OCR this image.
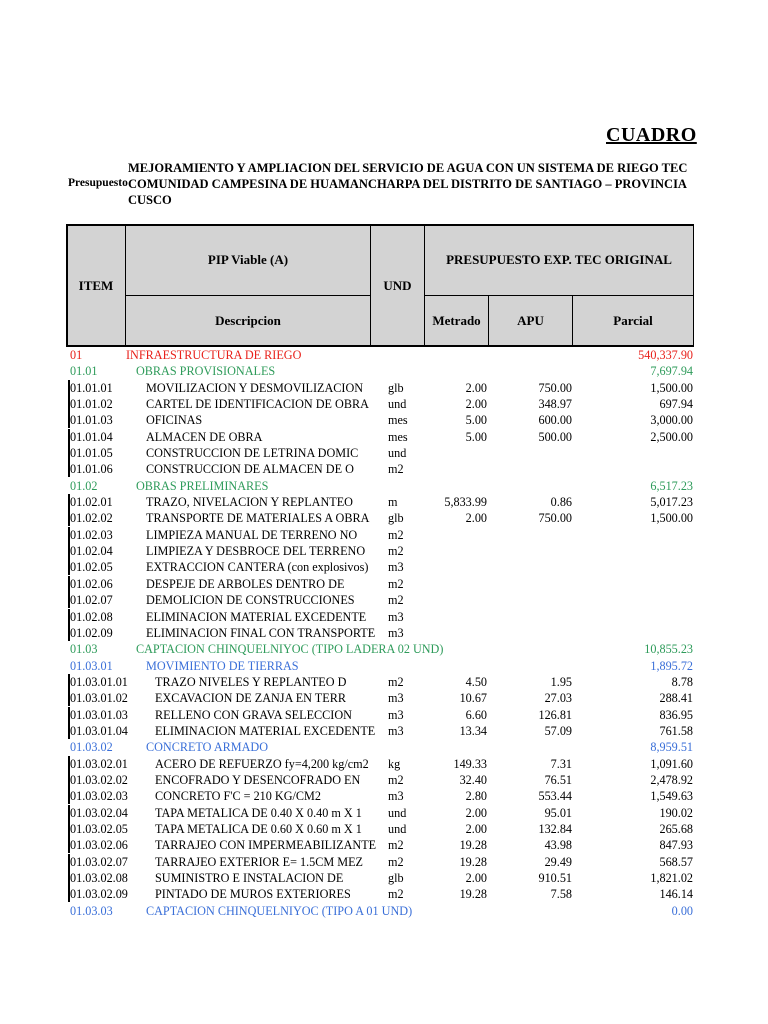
CUADRO
Presupuesto
MEJORAMIENTO Y AMPLIACION DEL SERVICIO DE AGUA CON UN SISTEMA DE RIEGO TEC
COMUNIDAD CAMPESINA DE HUAMANCHARPA DEL DISTRITO DE SANTIAGO – PROVINCIA
CUSCO
ITEM
PIP Viable (A)
Descripcion
UND
PRESUPUESTO EXP. TEC ORIGINAL
Metrado	APU	Parcial
01	INFRAESTRUCTURA DE RIEGO	540,337.90
01.01	OBRAS PROVISIONALES	7,697.94
01.01.01	MOVILIZACION Y DESMOVILIZACION	glb	2.00	750.00	1,500.00
01.01.02	CARTEL DE IDENTIFICACION DE OBRA	und	2.00	348.97	697.94
01.01.03	OFICINAS	mes	5.00	600.00	3,000.00
01.01.04	ALMACEN DE OBRA	mes	5.00	500.00	2,500.00
01.01.05	CONSTRUCCION DE LETRINA DOMIC	und
01.01.06	CONSTRUCCION DE ALMACEN DE O	m2
01.02	OBRAS PRELIMINARES	6,517.23
01.02.01	TRAZO, NIVELACION Y REPLANTEO	m	5,833.99	0.86	5,017.23
01.02.02	TRANSPORTE DE MATERIALES A OBRA	glb	2.00	750.00	1,500.00
01.02.03	LIMPIEZA MANUAL DE TERRENO NO	m2
01.02.04	LIMPIEZA Y DESBROCE DEL TERRENO	m2
01.02.05	EXTRACCION CANTERA (con explosivos)	m3
01.02.06	DESPEJE DE ARBOLES DENTRO DE	m2
01.02.07	DEMOLICION DE CONSTRUCCIONES	m2
01.02.08	ELIMINACION MATERIAL EXCEDENTE	m3
01.02.09	ELIMINACION FINAL CON TRANSPORTE	m3
01.03	CAPTACION CHINQUELNIYOC (TIPO LADERA 02 UND)	10,855.23
01.03.01	MOVIMIENTO DE TIERRAS	1,895.72
01.03.01.01 TRAZO NIVELES Y REPLANTEO D	m2	4.50	1.95	8.78
01.03.01.02 EXCAVACION DE ZANJA EN TERR	m3	10.67	27.03	288.41
01.03.01.03 RELLENO CON GRAVA SELECCION	m3	6.60	126.81	836.95
01.03.01.04 ELIMINACION MATERIAL EXCEDENTE	m3	13.34	57.09	761.58
01.03.02	CONCRETO ARMADO	8,959.51
01.03.02.01 ACERO DE REFUERZO fy=4,200 kg/cm2	kg	149.33	7.31	1,091.60
01.03.02.02 ENCOFRADO Y DESENCOFRADO EN	m2	32.40	76.51	2,478.92
01.03.02.03 CONCRETO F'C = 210 KG/CM2	m3	2.80	553.44	1,549.63
01.03.02.04 TAPA METALICA DE 0.40 X 0.40 m X 1	und	2.00	95.01	190.02
01.03.02.05 TAPA METALICA DE 0.60 X 0.60 m X 1	und	2.00	132.84	265.68
01.03.02.06 TARRAJEO CON IMPERMEABILIZANTE m2	19.28	43.98	847.93
01.03.02.07 TARRAJEO EXTERIOR E= 1.5CM MEZ	m2	19.28	29.49	568.57
01.03.02.08 SUMINISTRO E INSTALACION DE	glb	2.00	910.51	1,821.02
01.03.02.09 PINTADO DE MUROS EXTERIORES	m2	19.28	7.58	146.14
01.03.03	CAPTACION CHINQUELNIYOC (TIPO A 01 UND)	0.00
